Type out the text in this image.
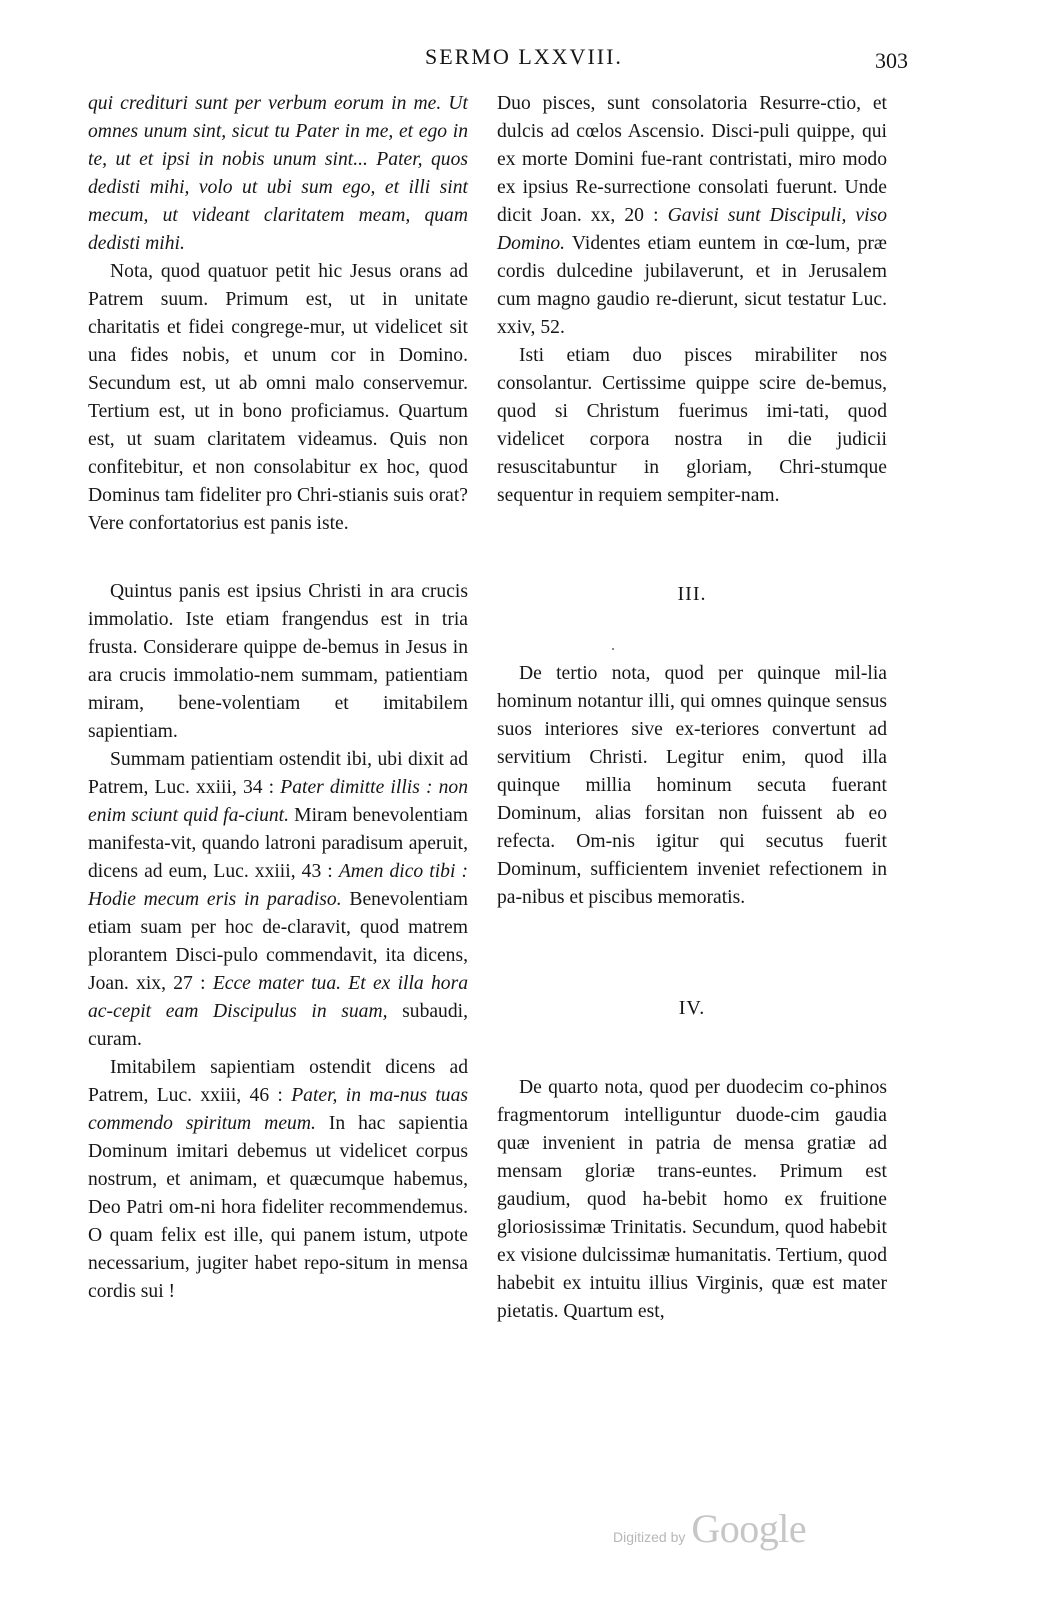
SERMO LXXVIII.	303

qui credituri sunt per verbum eorum in me. Ut omnes unum sint, sicut tu Pater in me, et ego in te, ut et ipsi in nobis unum sint... Pater, quos dedisti mihi, volo ut ubi sum ego, et illi sint mecum, ut videant claritatem meam, quam dedisti mihi.

Nota, quod quatuor petit hic Jesus orans ad Patrem suum. Primum est, ut in unitate charitatis et fidei congrege-mur, ut videlicet sit una fides nobis, et unum cor in Domino. Secundum est, ut ab omni malo conservemur. Tertium est, ut in bono proficiamus. Quartum est, ut suam claritatem videamus. Quis non confitebitur, et non consolabitur ex hoc, quod Dominus tam fideliter pro Chri-stianis suis orat? Vere confortatorius est panis iste.

Quintus panis est ipsius Christi in ara crucis immolatio. Iste etiam frangendus est in tria frusta. Considerare quippe de-bemus in Jesus in ara crucis immolatio-nem summam, patientiam miram, bene-volentiam et imitabilem sapientiam.

Summam patientiam ostendit ibi, ubi dixit ad Patrem, Luc. xxiii, 34 : Pater dimitte illis : non enim sciunt quid fa-ciunt. Miram benevolentiam manifesta-vit, quando latroni paradisum aperuit, dicens ad eum, Luc. xxiii, 43 : Amen dico tibi : Hodie mecum eris in paradiso. Benevolentiam etiam suam per hoc de-claravit, quod matrem plorantem Disci-pulo commendavit, ita dicens, Joan. xix, 27 : Ecce mater tua. Et ex illa hora ac-cepit eam Discipulus in suam, subaudi, curam.

Imitabilem sapientiam ostendit dicens ad Patrem, Luc. xxiii, 46 : Pater, in ma-nus tuas commendo spiritum meum. In hac sapientia Dominum imitari debemus ut videlicet corpus nostrum, et animam, et quæcumque habemus, Deo Patri om-ni hora fideliter recommendemus. O quam felix est ille, qui panem istum, utpote necessarium, jugiter habet repo-situm in mensa cordis sui !

Duo pisces, sunt consolatoria Resurre-ctio, et dulcis ad cœlos Ascensio. Disci-puli quippe, qui ex morte Domini fue-rant contristati, miro modo ex ipsius Re-surrectione consolati fuerunt. Unde dicit Joan. xx, 20 : Gavisi sunt Discipuli, viso Domino. Videntes etiam euntem in cœ-lum, præ cordis dulcedine jubilaverunt, et in Jerusalem cum magno gaudio re-dierunt, sicut testatur Luc. xxiv, 52.

Isti etiam duo pisces mirabiliter nos consolantur. Certissime quippe scire de-bemus, quod si Christum fuerimus imi-tati, quod videlicet corpora nostra in die judicii resuscitabuntur in gloriam, Chri-stumque sequentur in requiem sempiter-nam.

III.

De tertio nota, quod per quinque mil-lia hominum notantur illi, qui omnes quinque sensus suos interiores sive ex-teriores convertunt ad servitium Christi. Legitur enim, quod illa quinque millia hominum secuta fuerant Dominum, alias forsitan non fuissent ab eo refecta. Om-nis igitur qui secutus fuerit Dominum, sufficientem inveniet refectionem in pa-nibus et piscibus memoratis.

IV.

De quarto nota, quod per duodecim co-phinos fragmentorum intelliguntur duode-cim gaudia quæ invenient in patria de mensa gratiæ ad mensam gloriæ trans-euntes. Primum est gaudium, quod ha-bebit homo ex fruitione gloriosissimæ Trinitatis. Secundum, quod habebit ex visione dulcissimæ humanitatis. Tertium, quod habebit ex intuitu illius Virginis, quæ est mater pietatis. Quartum est,

Digitized by Google
